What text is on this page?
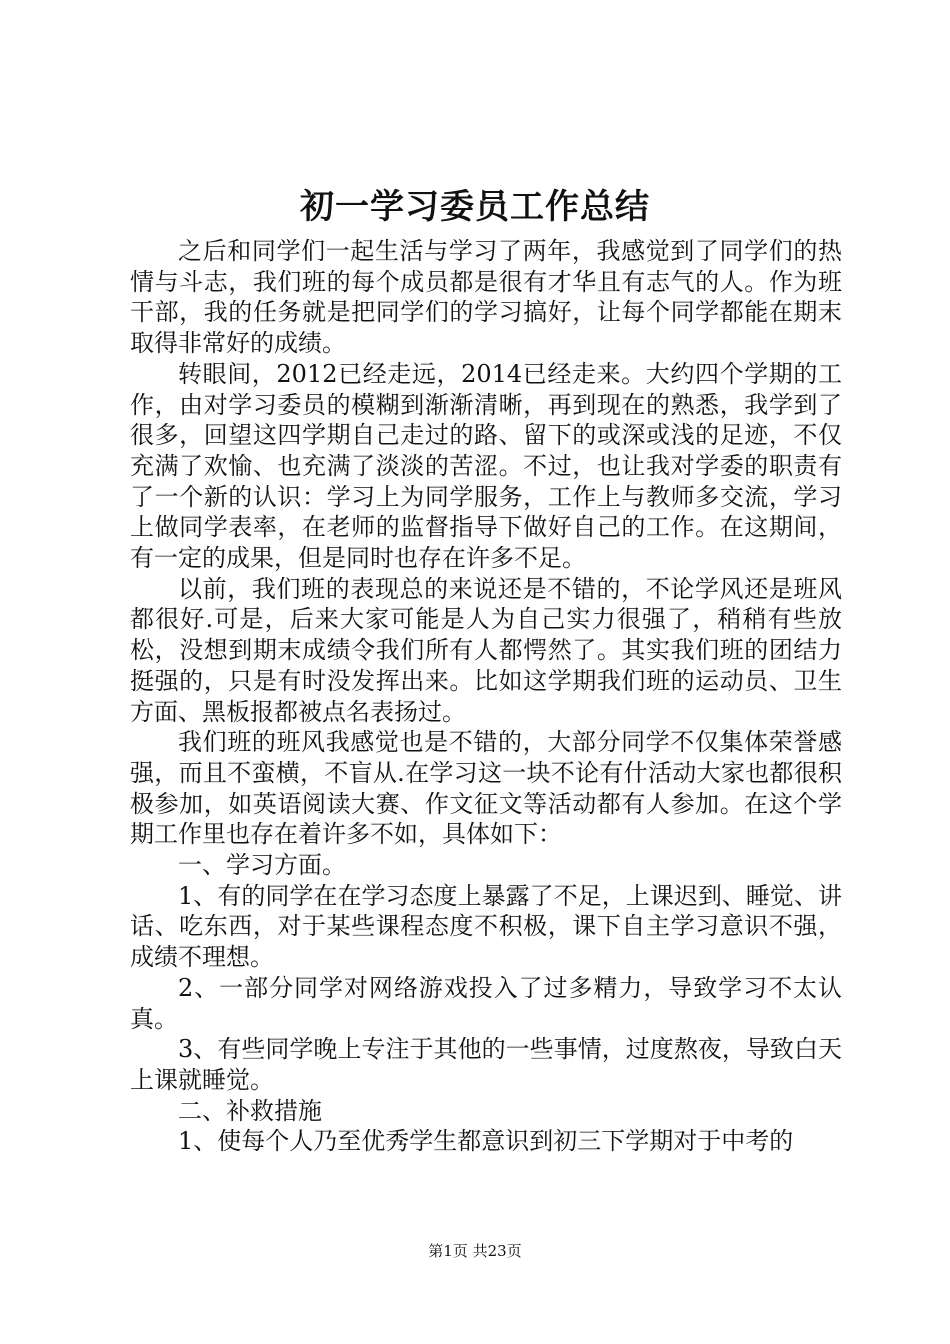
初一学习委员工作总结

之后和同学们一起生活与学习了两年，我感觉到了同学们的热情与斗志，我们班的每个成员都是很有才华且有志气的人。作为班干部，我的任务就是把同学们的学习搞好，让每个同学都能在期末取得非常好的成绩。

转眼间，2012已经走远，2014已经走来。大约四个学期的工作，由对学习委员的模糊到渐渐清晰，再到现在的熟悉，我学到了很多，回望这四学期自己走过的路、留下的或深或浅的足迹，不仅充满了欢愉、也充满了淡淡的苦涩。不过，也让我对学委的职责有了一个新的认识：学习上为同学服务，工作上与教师多交流，学习上做同学表率，在老师的监督指导下做好自己的工作。在这期间，有一定的成果，但是同时也存在许多不足。

以前，我们班的表现总的来说还是不错的，不论学风还是班风都很好.可是，后来大家可能是人为自己实力很强了，稍稍有些放松，没想到期末成绩令我们所有人都愕然了。其实我们班的团结力挺强的，只是有时没发挥出来。比如这学期我们班的运动员、卫生方面、黑板报都被点名表扬过。

我们班的班风我感觉也是不错的，大部分同学不仅集体荣誉感强，而且不蛮横，不盲从.在学习这一块不论有什活动大家也都很积极参加，如英语阅读大赛、作文征文等活动都有人参加。在这个学期工作里也存在着许多不如，具体如下：

一、学习方面。

1、有的同学在在学习态度上暴露了不足，上课迟到、睡觉、讲话、吃东西，对于某些课程态度不积极，课下自主学习意识不强，成绩不理想。

2、一部分同学对网络游戏投入了过多精力，导致学习不太认真。

3、有些同学晚上专注于其他的一些事情，过度熬夜，导致白天上课就睡觉。

二、补救措施

1、使每个人乃至优秀学生都意识到初三下学期对于中考的

第1页 共23页
